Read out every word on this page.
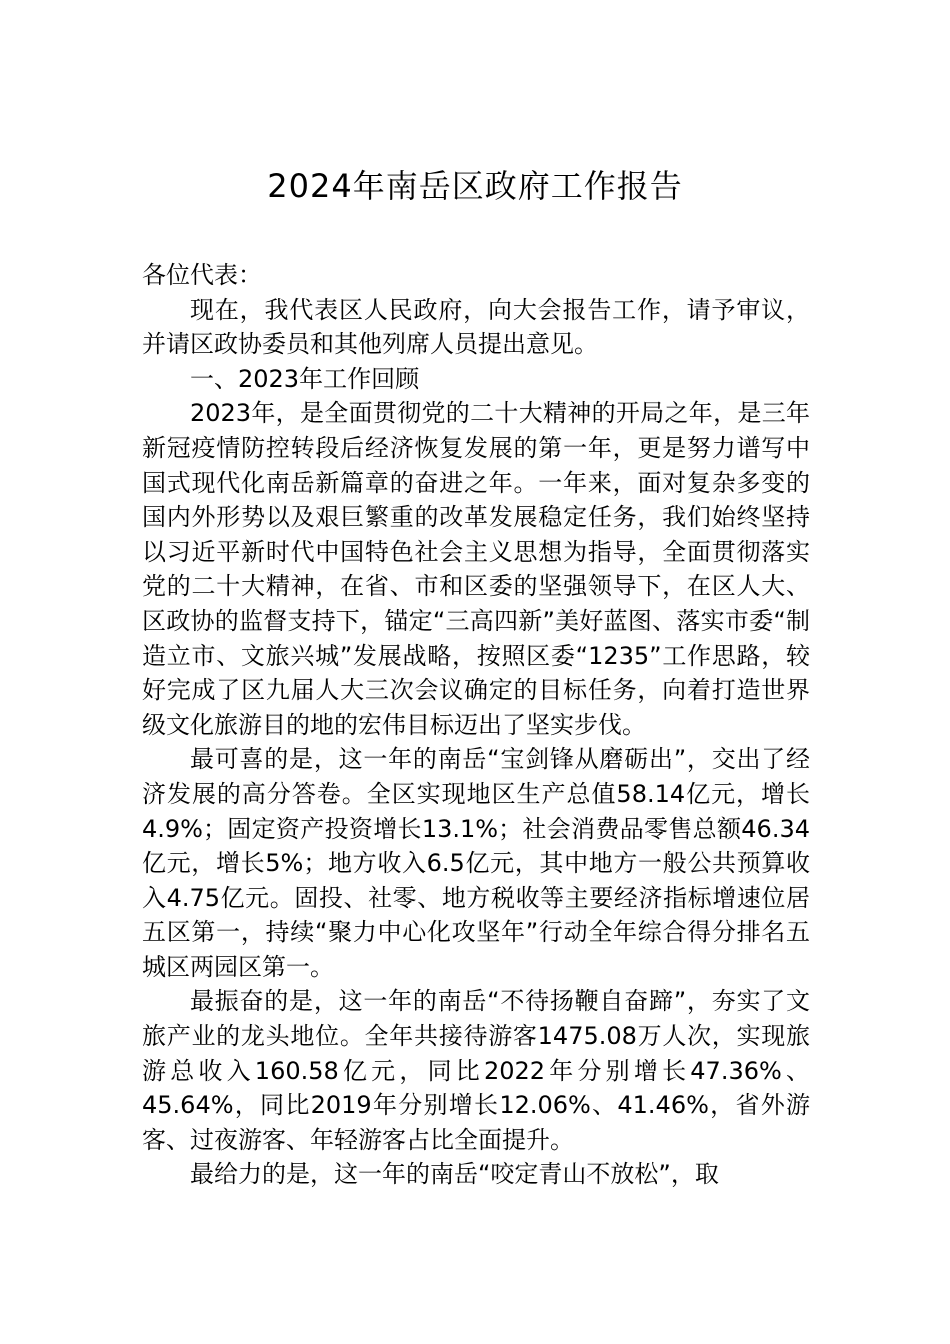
2024年南岳区政府工作报告

各位代表：

现在，我代表区人民政府，向大会报告工作，请予审议，并请区政协委员和其他列席人员提出意见。

一、2023年工作回顾

2023年，是全面贯彻党的二十大精神的开局之年，是三年新冠疫情防控转段后经济恢复发展的第一年，更是努力谱写中国式现代化南岳新篇章的奋进之年。一年来，面对复杂多变的国内外形势以及艰巨繁重的改革发展稳定任务，我们始终坚持以习近平新时代中国特色社会主义思想为指导，全面贯彻落实党的二十大精神，在省、市和区委的坚强领导下，在区人大、区政协的监督支持下，锚定“三高四新”美好蓝图、落实市委“制造立市、文旅兴城”发展战略，按照区委“1235”工作思路，较好完成了区九届人大三次会议确定的目标任务，向着打造世界级文化旅游目的地的宏伟目标迈出了坚实步伐。

最可喜的是，这一年的南岳“宝剑锋从磨砺出”，交出了经济发展的高分答卷。全区实现地区生产总值58.14亿元，增长4.9%；固定资产投资增长13.1%；社会消费品零售总额46.34亿元，增长5%；地方收入6.5亿元，其中地方一般公共预算收入4.75亿元。固投、社零、地方税收等主要经济指标增速位居五区第一，持续“聚力中心化攻坚年”行动全年综合得分排名五城区两园区第一。

最振奋的是，这一年的南岳“不待扬鞭自奋蹄”，夯实了文旅产业的龙头地位。全年共接待游客1475.08万人次，实现旅游总收入160.58亿元，同比2022年分别增长47.36%、45.64%，同比2019年分别增长12.06%、41.46%，省外游客、过夜游客、年轻游客占比全面提升。

最给力的是，这一年的南岳“咬定青山不放松”，取
